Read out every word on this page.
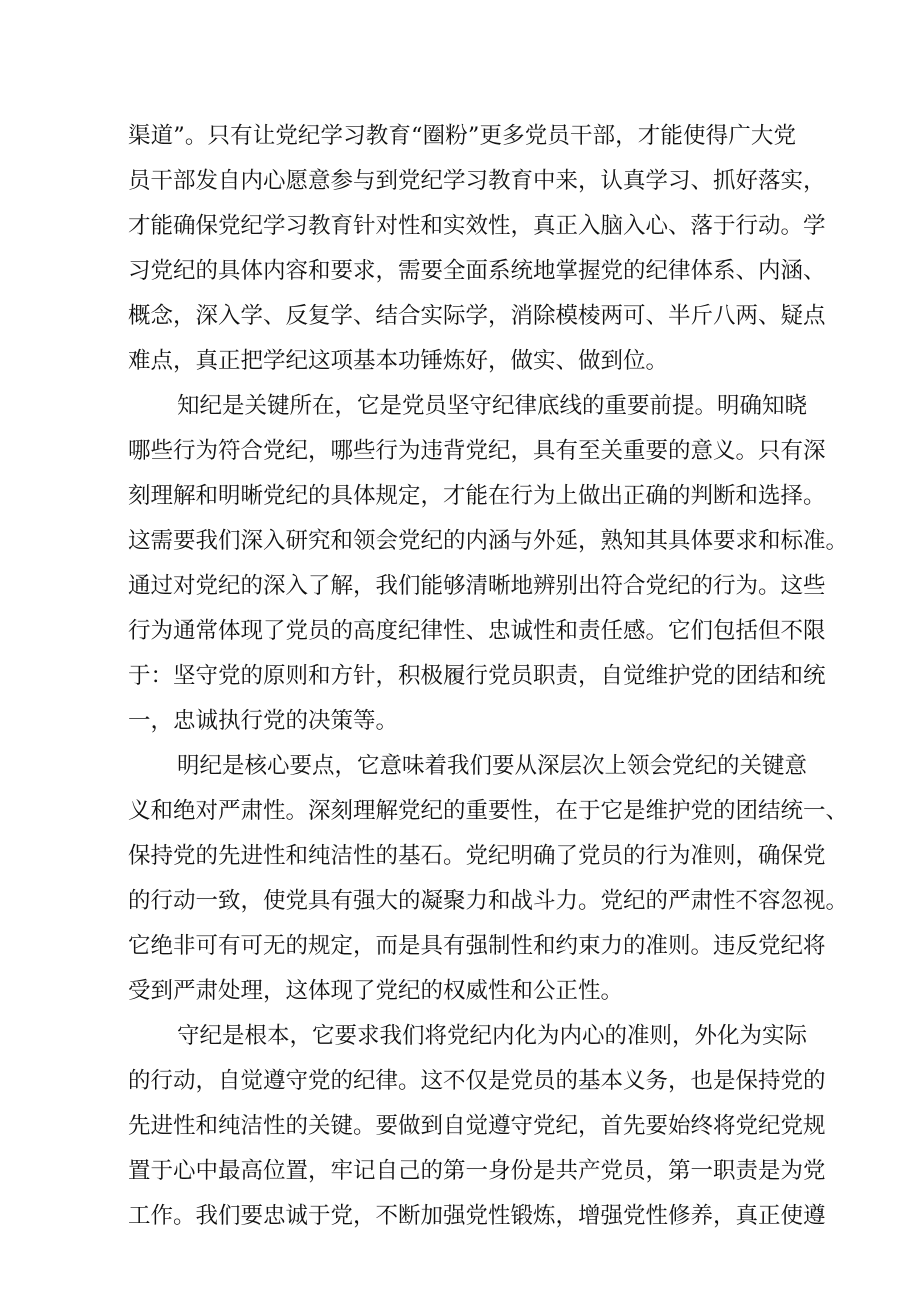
渠道”。只有让党纪学习教育“圈粉”更多党员干部，才能使得广大党
员干部发自内心愿意参与到党纪学习教育中来，认真学习、抓好落实，
才能确保党纪学习教育针对性和实效性，真正入脑入心、落于行动。学
习党纪的具体内容和要求，需要全面系统地掌握党的纪律体系、内涵、
概念，深入学、反复学、结合实际学，消除模棱两可、半斤八两、疑点
难点，真正把学纪这项基本功锤炼好，做实、做到位。
知纪是关键所在，它是党员坚守纪律底线的重要前提。明确知晓
哪些行为符合党纪，哪些行为违背党纪，具有至关重要的意义。只有深
刻理解和明晰党纪的具体规定，才能在行为上做出正确的判断和选择。
这需要我们深入研究和领会党纪的内涵与外延，熟知其具体要求和标准。
通过对党纪的深入了解，我们能够清晰地辨别出符合党纪的行为。这些
行为通常体现了党员的高度纪律性、忠诚性和责任感。它们包括但不限
于：坚守党的原则和方针，积极履行党员职责，自觉维护党的团结和统
一，忠诚执行党的决策等。
明纪是核心要点，它意味着我们要从深层次上领会党纪的关键意
义和绝对严肃性。深刻理解党纪的重要性，在于它是维护党的团结统一、
保持党的先进性和纯洁性的基石。党纪明确了党员的行为准则，确保党
的行动一致，使党具有强大的凝聚力和战斗力。党纪的严肃性不容忽视。
它绝非可有可无的规定，而是具有强制性和约束力的准则。违反党纪将
受到严肃处理，这体现了党纪的权威性和公正性。
守纪是根本，它要求我们将党纪内化为内心的准则，外化为实际
的行动，自觉遵守党的纪律。这不仅是党员的基本义务，也是保持党的
先进性和纯洁性的关键。要做到自觉遵守党纪，首先要始终将党纪党规
置于心中最高位置，牢记自己的第一身份是共产党员，第一职责是为党
工作。我们要忠诚于党，不断加强党性锻炼，增强党性修养，真正使遵
